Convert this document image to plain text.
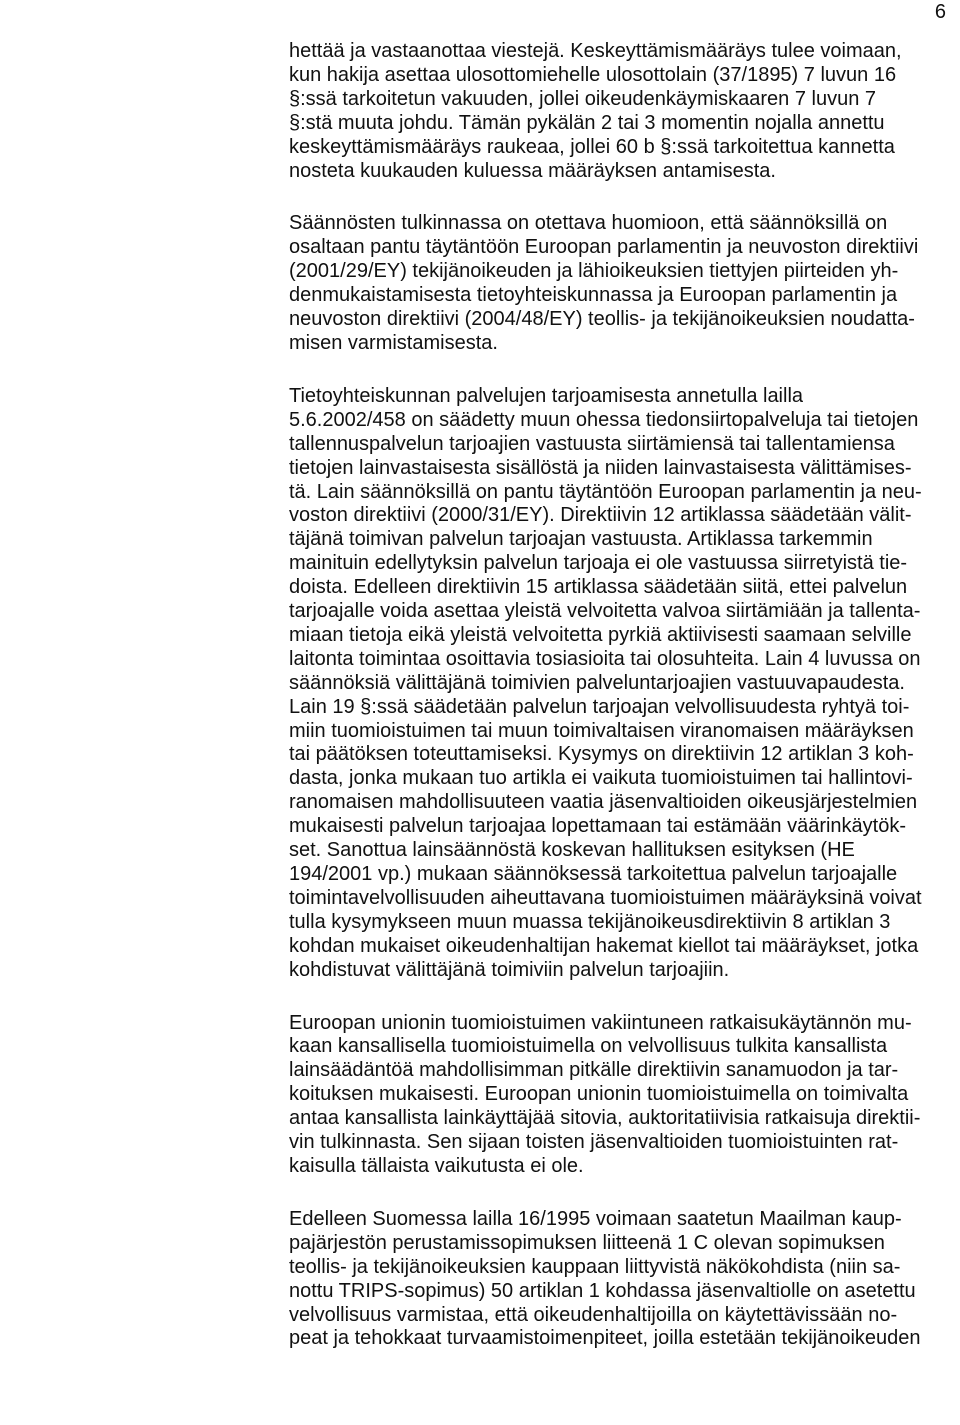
6
hettää ja vastaanottaa viestejä. Keskeyttämismääräys tulee voimaan,
kun hakija asettaa ulosottomiehelle ulosottolain (37/1895) 7 luvun 16
§:ssä tarkoitetun vakuuden, jollei oikeudenkäymiskaaren 7 luvun 7
§:stä muuta johdu. Tämän pykälän 2 tai 3 momentin nojalla annettu
keskeyttämismääräys raukeaa, jollei 60 b §:ssä tarkoitettua kannetta
nosteta kuukauden kuluessa määräyksen antamisesta.
Säännösten tulkinnassa on otettava huomioon, että säännöksillä on
osaltaan pantu täytäntöön Euroopan parlamentin ja neuvoston direktiivi
(2001/29/EY) tekijänoikeuden ja lähioikeuksien tiettyjen piirteiden yh-
denmukaistamisesta tietoyhteiskunnassa ja Euroopan parlamentin ja
neuvoston direktiivi (2004/48/EY) teollis- ja tekijänoikeuksien noudatta-
misen varmistamisesta.
Tietoyhteiskunnan palvelujen tarjoamisesta annetulla lailla
5.6.2002/458 on säädetty muun ohessa tiedonsiirtopalveluja tai tietojen
tallennuspalvelun tarjoajien vastuusta siirtämiensä tai tallentamiensa
tietojen lainvastaisesta sisällöstä ja niiden lainvastaisesta välittämises-
tä. Lain säännöksillä on pantu täytäntöön Euroopan parlamentin ja neu-
voston direktiivi (2000/31/EY). Direktiivin 12 artiklassa säädetään välit-
täjänä toimivan palvelun tarjoajan vastuusta. Artiklassa tarkemmin
mainituin edellytyksin palvelun tarjoaja ei ole vastuussa siirretyistä tie-
doista. Edelleen direktiivin 15 artiklassa säädetään siitä, ettei palvelun
tarjoajalle voida asettaa yleistä velvoitetta valvoa siirtämiään ja tallenta-
miaan tietoja eikä yleistä velvoitetta pyrkiä aktiivisesti saamaan selville
laitonta toimintaa osoittavia tosiasioita tai olosuhteita. Lain 4 luvussa on
säännöksiä välittäjänä toimivien palveluntarjoajien vastuuvapaudesta.
Lain 19 §:ssä säädetään palvelun tarjoajan velvollisuudesta ryhtyä toi-
miin tuomioistuimen tai muun toimivaltaisen viranomaisen määräyksen
tai päätöksen toteuttamiseksi. Kysymys on direktiivin 12 artiklan 3 koh-
dasta, jonka mukaan tuo artikla ei vaikuta tuomioistuimen tai hallintovi-
ranomaisen mahdollisuuteen vaatia jäsenvaltioiden oikeusjärjestelmien
mukaisesti palvelun tarjoajaa lopettamaan tai estämään väärinkäytök-
set. Sanottua lainsäännöstä koskevan hallituksen esityksen (HE
194/2001 vp.) mukaan säännöksessä tarkoitettua palvelun tarjoajalle
toimintavelvollisuuden aiheuttavana tuomioistuimen määräyksinä voivat
tulla kysymykseen muun muassa tekijänoikeusdirektiivin 8 artiklan 3
kohdan mukaiset oikeudenhaltijan hakemat kiellot tai määräykset, jotka
kohdistuvat välittäjänä toimiviin palvelun tarjoajiin.
Euroopan unionin tuomioistuimen vakiintuneen ratkaisukäytännön mu-
kaan kansallisella tuomioistuimella on velvollisuus tulkita kansallista
lainsäädäntöä mahdollisimman pitkälle direktiivin sanamuodon ja tar-
koituksen mukaisesti. Euroopan unionin tuomioistuimella on toimivalta
antaa kansallista lainkäyttäjää sitovia, auktoritatiivisia ratkaisuja direktii-
vin tulkinnasta. Sen sijaan toisten jäsenvaltioiden tuomioistuinten rat-
kaisulla tällaista vaikutusta ei ole.
Edelleen Suomessa lailla 16/1995 voimaan saatetun Maailman kaup-
pajärjestön perustamissopimuksen liitteenä 1 C olevan sopimuksen
teollis- ja tekijänoikeuksien kauppaan liittyvistä näkökohdista (niin sa-
nottu TRIPS-sopimus) 50 artiklan 1 kohdassa jäsenvaltiolle on asetettu
velvollisuus varmistaa, että oikeudenhaltijoilla on käytettävissään no-
peat ja tehokkaat turvaamistoimenpiteet, joilla estetään tekijänoikeuden
